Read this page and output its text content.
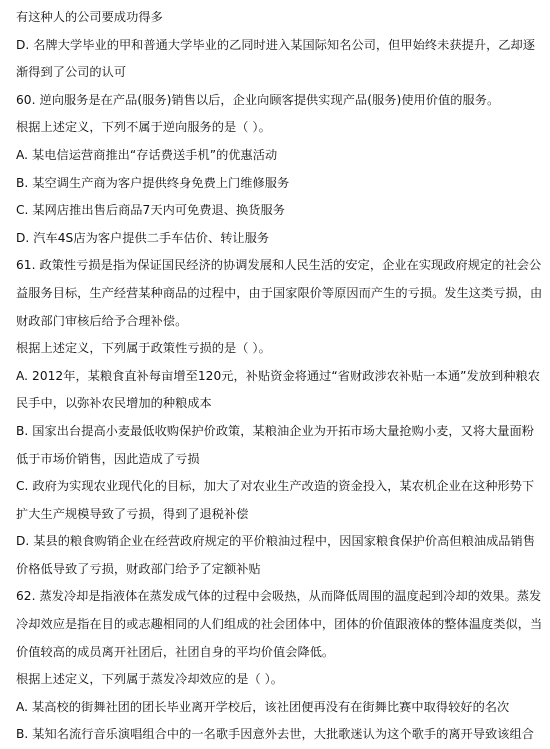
有这种人的公司要成功得多
D. 名牌大学毕业的甲和普通大学毕业的乙同时进入某国际知名公司，但甲始终未获提升，乙却逐
渐得到了公司的认可
60. 逆向服务是在产品(服务)销售以后，企业向顾客提供实现产品(服务)使用价值的服务。
根据上述定义，下列不属于逆向服务的是（ ）。
A. 某电信运营商推出“存话费送手机”的优惠活动
B. 某空调生产商为客户提供终身免费上门维修服务
C. 某网店推出售后商品7天内可免费退、换货服务
D. 汽车4S店为客户提供二手车估价、转让服务
61. 政策性亏损是指为保证国民经济的协调发展和人民生活的安定，企业在实现政府规定的社会公
益服务目标，生产经营某种商品的过程中，由于国家限价等原因而产生的亏损。发生这类亏损，由
财政部门审核后给予合理补偿。
根据上述定义，下列属于政策性亏损的是（ ）。
A. 2012年，某粮食直补每亩增至120元，补贴资金将通过“省财政涉农补贴一本通”发放到种粮农
民手中，以弥补农民增加的种粮成本
B. 国家出台提高小麦最低收购保护价政策，某粮油企业为开拓市场大量抢购小麦，又将大量面粉
低于市场价销售，因此造成了亏损
C. 政府为实现农业现代化的目标，加大了对农业生产改造的资金投入，某农机企业在这种形势下
扩大生产规模导致了亏损，得到了退税补偿
D. 某县的粮食购销企业在经营政府规定的平价粮油过程中，因国家粮食保护价高但粮油成品销售
价格低导致了亏损，财政部门给予了定额补贴
62. 蒸发冷却是指液体在蒸发成气体的过程中会吸热，从而降低周围的温度起到冷却的效果。蒸发
冷却效应是指在目的或志趣相同的人们组成的社会团体中，团体的价值跟液体的整体温度类似，当
价值较高的成员离开社团后，社团自身的平均价值会降低。
根据上述定义，下列属于蒸发冷却效应的是（ ）。
A. 某高校的街舞社团的团长毕业离开学校后，该社团便再没有在街舞比赛中取得较好的名次
B. 某知名流行音乐演唱组合中的一名歌手因意外去世，大批歌迷认为这个歌手的离开导致该组合
